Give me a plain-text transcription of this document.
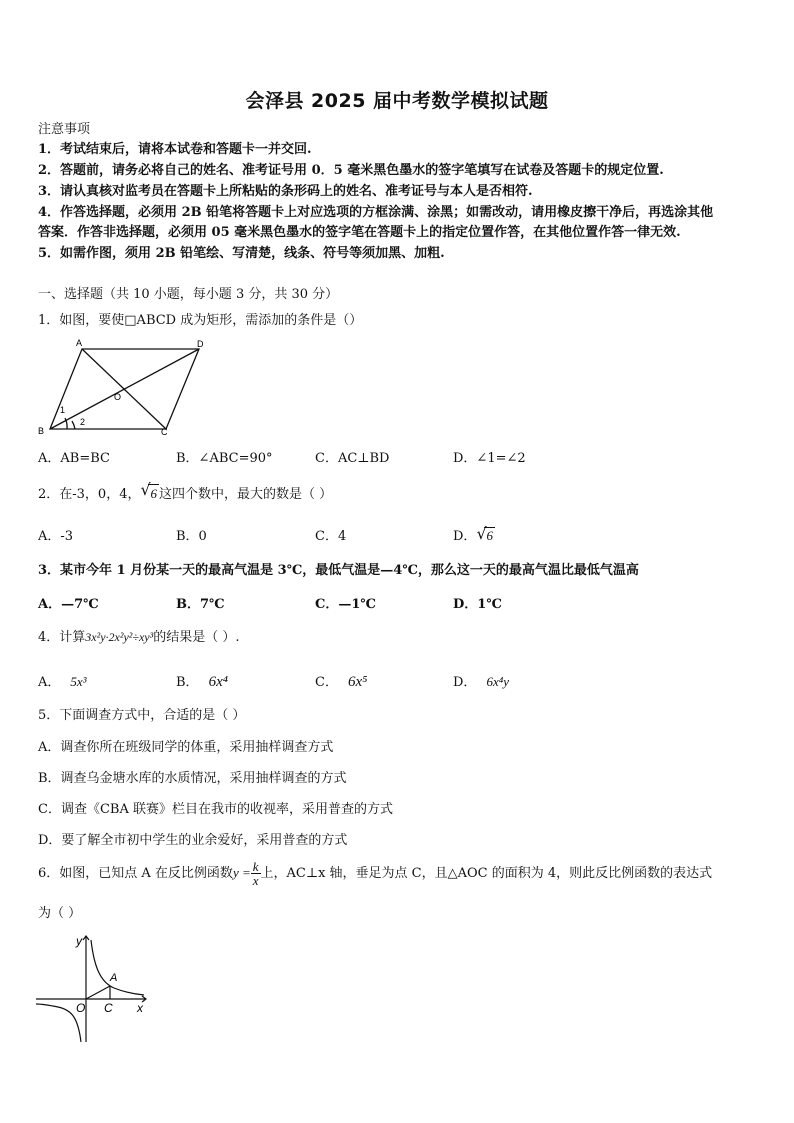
会泽县 2025 届中考数学模拟试题
注意事项
1．考试结束后，请将本试卷和答题卡一并交回.
2．答题前，请务必将自己的姓名、准考证号用 0．5 毫米黑色墨水的签字笔填写在试卷及答题卡的规定位置.
3．请认真核对监考员在答题卡上所粘贴的条形码上的姓名、准考证号与本人是否相符.
4．作答选择题，必须用 2B 铅笔将答题卡上对应选项的方框涂满、涂黑；如需改动，请用橡皮擦干净后，再选涂其他
答案．作答非选择题，必须用 05 毫米黑色墨水的签字笔在答题卡上的指定位置作答，在其他位置作答一律无效.
5．如需作图，须用 2B 铅笔绘、写清楚，线条、符号等须加黑、加粗.
一、选择题（共 10 小题，每小题 3 分，共 30 分）
1．如图，要使□ABCD 成为矩形，需添加的条件是（）
A	D
B	C
O
1
2
A．AB=BC	B．∠ABC=90°	C．AC⊥BD	D．∠1=∠2
2．在-3，0，4， √ 6 这四个数中，最大的数是（ ）
A．-3	B．0	C．4	D． √ 6
3．某市今年 1 月份某一天的最高气温是 3℃，最低气温是—4℃，那么这一天的最高气温比最低气温高
A．—7℃	B．7℃	C．—1℃	D．1℃
4．计算3x²y·2x²y²÷xy³的结果是（ ）.
A． 5x³	B． 6x⁴	C． 6x⁵	D． 6x⁴y
5．下面调查方式中，合适的是（ ）
A．调查你所在班级同学的体重，采用抽样调查方式
B．调查乌金塘水库的水质情况，采用抽样调查的方式
C．调查《CBA 联赛》栏目在我市的收视率，采用普查的方式
D．要了解全市初中学生的业余爱好，采用普查的方式
6．如图，已知点 A 在反比例函数$y = \frac{k}{x}$ 上，AC⊥x 轴，垂足为点 C，且△AOC 的面积为 4，则此反比例函数的表达式
为（ ）
y
x
O C
A
